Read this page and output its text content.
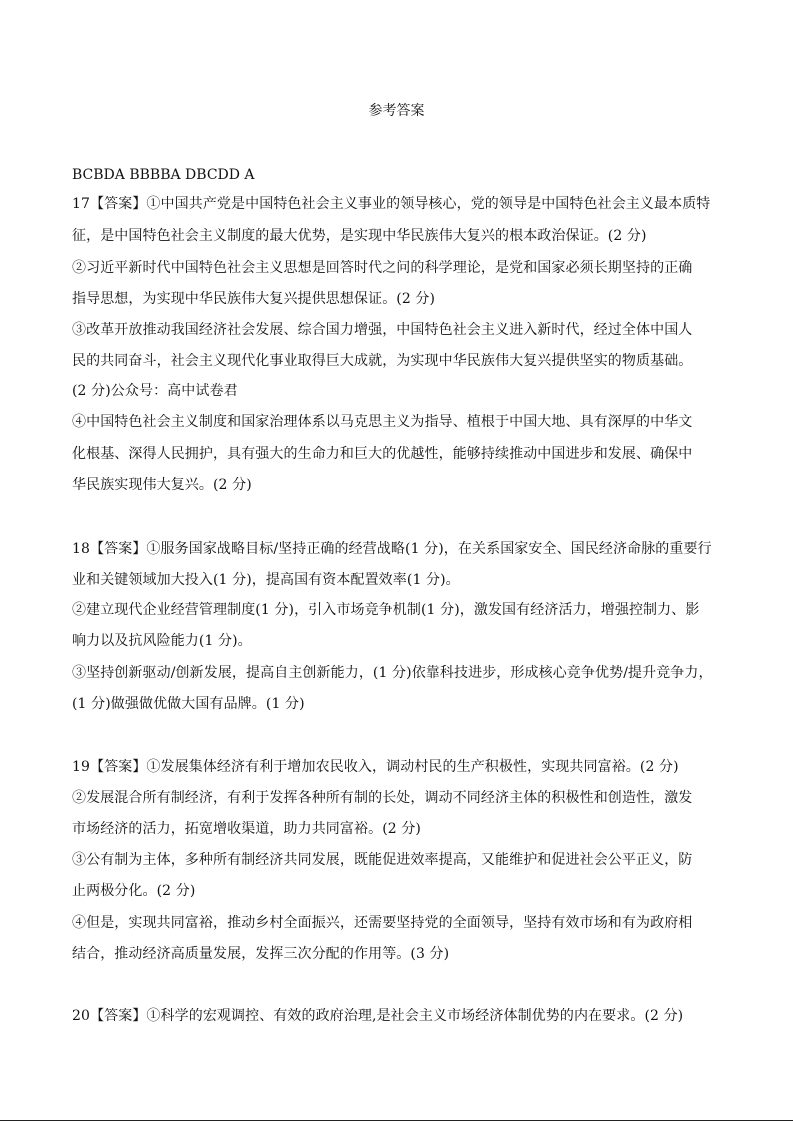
参考答案
BCBDA BBBBA DBCDD A
17【答案】①中国共产党是中国特色社会主义事业的领导核心，党的领导是中国特色社会主义最本质特
征，是中国特色社会主义制度的最大优势，是实现中华民族伟大复兴的根本政治保证。(2 分)
②习近平新时代中国特色社会主义思想是回答时代之问的科学理论，是党和国家必须长期坚持的正确
指导思想，为实现中华民族伟大复兴提供思想保证。(2 分)
③改革开放推动我国经济社会发展、综合国力增强，中国特色社会主义进入新时代，经过全体中国人
民的共同奋斗，社会主义现代化事业取得巨大成就，为实现中华民族伟大复兴提供坚实的物质基础。
(2 分)公众号：高中试卷君
④中国特色社会主义制度和国家治理体系以马克思主义为指导、植根于中国大地、具有深厚的中华文
化根基、深得人民拥护，具有强大的生命力和巨大的优越性，能够持续推动中国进步和发展、确保中
华民族实现伟大复兴。(2 分)
18【答案】①服务国家战略目标/坚持正确的经营战略(1 分)，在关系国家安全、国民经济命脉的重要行
业和关键领域加大投入(1 分)，提高国有资本配置效率(1 分)。
②建立现代企业经营管理制度(1 分)，引入市场竞争机制(1 分)，激发国有经济活力，增强控制力、影
响力以及抗风险能力(1 分)。
③坚持创新驱动/创新发展，提高自主创新能力，(1 分)依靠科技进步，形成核心竞争优势/提升竞争力，
(1 分)做强做优做大国有品牌。(1 分)
19【答案】①发展集体经济有利于增加农民收入，调动村民的生产积极性，实现共同富裕。(2 分)
②发展混合所有制经济，有利于发挥各种所有制的长处，调动不同经济主体的积极性和创造性，激发
市场经济的活力，拓宽增收渠道，助力共同富裕。(2 分)
③公有制为主体，多种所有制经济共同发展，既能促进效率提高，又能维护和促进社会公平正义，防
止两极分化。(2 分)
④但是，实现共同富裕，推动乡村全面振兴，还需要坚持党的全面领导，坚持有效市场和有为政府相
结合，推动经济高质量发展，发挥三次分配的作用等。(3 分)
20【答案】①科学的宏观调控、有效的政府治理,是社会主义市场经济体制优势的内在要求。(2 分)
